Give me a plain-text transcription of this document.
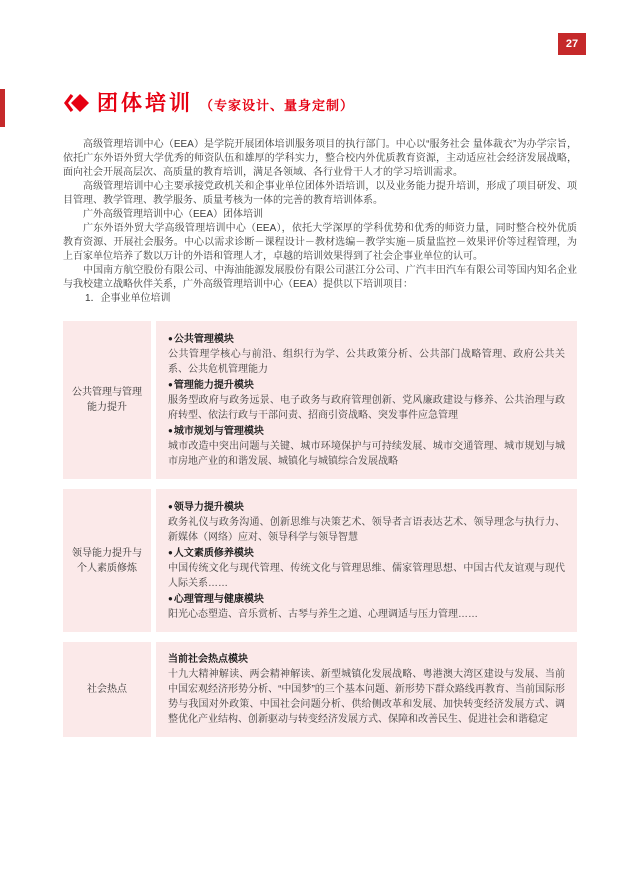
27
团体培训 （专家设计、量身定制）

高级管理培训中心（EEA）是学院开展团体培训服务项目的执行部门。中心以“服务社会 量体裁衣”为办学宗旨，依托广东外语外贸大学优秀的师资队伍和雄厚的学科实力，整合校内外优质教育资源，主动适应社会经济发展战略，面向社会开展高层次、高质量的教育培训，满足各领域、各行业骨干人才的学习培训需求。

高级管理培训中心主要承接党政机关和企事业单位团体外语培训，以及业务能力提升培训，形成了项目研发、项目管理、教学管理、教学服务、质量考核为一体的完善的教育培训体系。

广外高级管理培训中心（EEA）团体培训

广东外语外贸大学高级管理培训中心（EEA），依托大学深厚的学科优势和优秀的师资力量，同时整合校外优质教育资源、开展社会服务。中心以需求诊断－课程设计－教材选编－教学实施－质量监控－效果评价等过程管理，为上百家单位培养了数以万计的外语和管理人才，卓越的培训效果得到了社会企事业单位的认可。

中国南方航空股份有限公司、中海油能源发展股份有限公司湛江分公司、广汽丰田汽车有限公司等国内知名企业与我校建立战略伙伴关系，广外高级管理培训中心（EEA）提供以下培训项目：

1．企事业单位培训

公共管理与管理能力提升
●公共管理模块
公共管理学核心与前沿、组织行为学、公共政策分析、公共部门战略管理、政府公共关系、公共危机管理能力
●管理能力提升模块
服务型政府与政务远景、电子政务与政府管理创新、党风廉政建设与修养、公共治理与政府转型、依法行政与干部问责、招商引资战略、突发事件应急管理
●城市规划与管理模块
城市改造中突出问题与关键、城市环境保护与可持续发展、城市交通管理、城市规划与城市房地产业的和谐发展、城镇化与城镇综合发展战略
领导能力提升与个人素质修炼
●领导力提升模块
政务礼仪与政务沟通、创新思维与决策艺术、领导者言语表达艺术、领导理念与执行力、新媒体（网络）应对、领导科学与领导智慧
●人文素质修养模块
中国传统文化与现代管理、传统文化与管理思维、儒家管理思想、中国古代友谊观与现代人际关系……
●心理管理与健康模块
阳光心态塑造、音乐赏析、古琴与养生之道、心理调适与压力管理……
社会热点
当前社会热点模块
十九大精神解读、两会精神解读、新型城镇化发展战略、粤港澳大湾区建设与发展、当前中国宏观经济形势分析、“中国梦”的三个基本问题、新形势下群众路线再教育、当前国际形势与我国对外政策、中国社会问题分析、供给侧改革和发展、加快转变经济发展方式、调整优化产业结构、创新驱动与转变经济发展方式、保障和改善民生、促进社会和谐稳定
